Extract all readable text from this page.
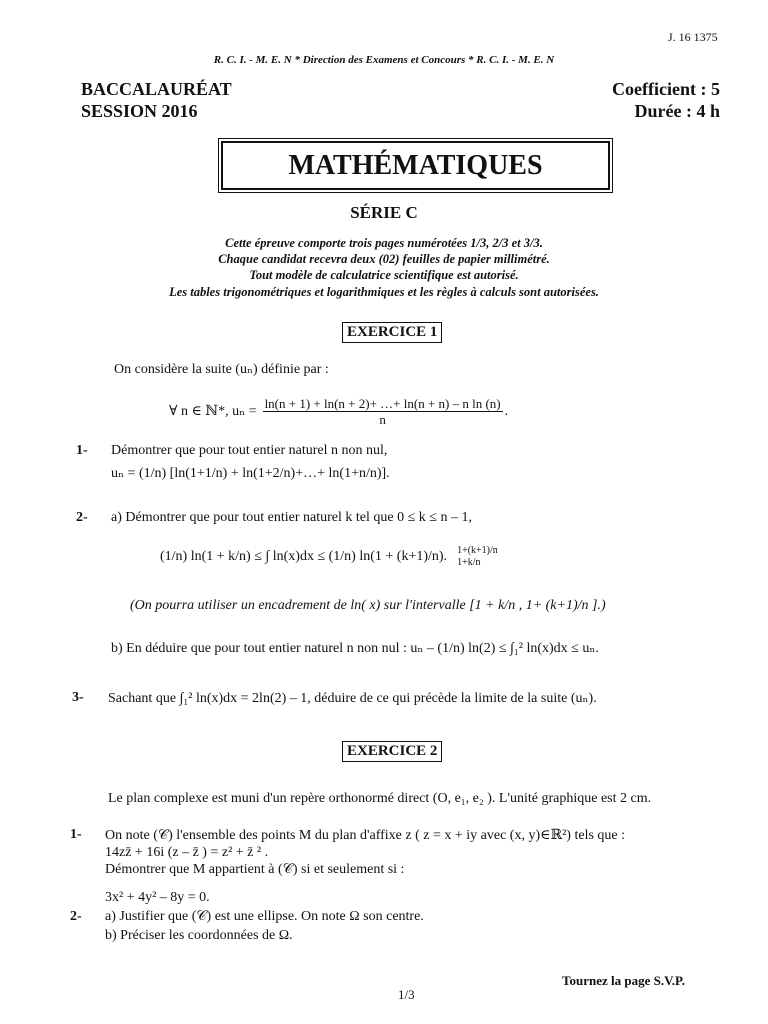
J. 16 1375
R. C. I. - M. E. N * Direction des Examens et Concours * R. C. I. - M. E. N
BACCALAURÉAT
SESSION 2016
Coefficient : 5
Durée : 4 h
MATHÉMATIQUES
SÉRIE C
Cette épreuve comporte trois pages numérotées 1/3, 2/3 et 3/3.
Chaque candidat recevra deux (02) feuilles de papier millimétré.
Tout modèle de calculatrice scientifique est autorisé.
Les tables trigonométriques et logarithmiques et les règles à calculs sont autorisées.
EXERCICE 1
On considère la suite (uₙ) définie par :
∀ n ∈ ℕ*, $u_n = \frac{\text{ln(n + 1) + ln(n + 2)+ …+ ln(n + n) – n ln (n)}}{n}$ .
1- Démontrer que pour tout entier naturel n non nul,
uₙ = (1/n) [ln(1+1/n) + ln(1+2/n)+…+ ln(1+n/n)].
2- a) Démontrer que pour tout entier naturel k tel que 0 ≤ k ≤ n – 1,
(1/n) ln(1 + k/n) ≤ ∫ ln(x)dx ≤ (1/n) ln(1 + (k+1)/n). 1+(k+1)/n
1+k/n
(On pourra utiliser un encadrement de ln( x) sur l'intervalle [1 + k/n , 1+ (k+1)/n ].)
b) En déduire que pour tout entier naturel n non nul : uₙ – (1/n) ln(2) ≤ ∫₁² ln(x)dx ≤ uₙ.
3- Sachant que ∫₁² ln(x)dx = 2ln(2) – 1, déduire de ce qui précède la limite de la suite (uₙ).
EXERCICE 2
Le plan complexe est muni d'un repère orthonormé direct (O, e₁, e₂ ). L'unité graphique est 2 cm.
1- On note (𝒞) l'ensemble des points M du plan d'affixe z ( z = x + iy avec (x, y)∈ℝ²) tels que :
14zz̄ + 16i (z – z̄ ) = z² + z̄ ² .
Démontrer que M appartient à (𝒞) si et seulement si :
3x² + 4y² – 8y = 0.
2- a) Justifier que (𝒞) est une ellipse. On note Ω son centre.
b) Préciser les coordonnées de Ω.
Tournez la page S.V.P.
1/3
